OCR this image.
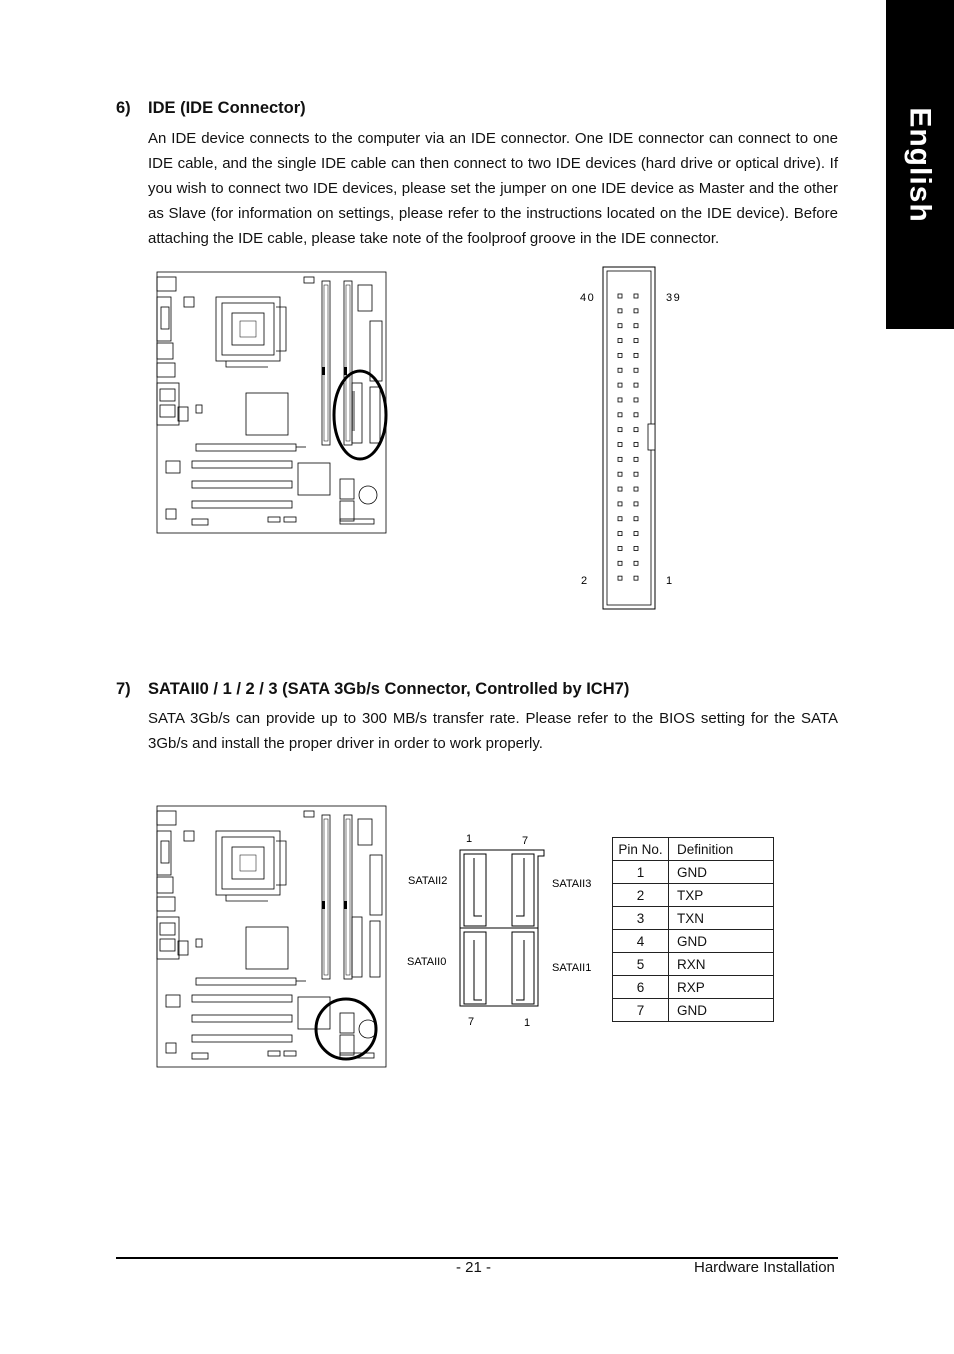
English
6) IDE (IDE Connector)
An IDE device connects to the computer via an IDE connector. One IDE connector can connect to one IDE cable, and the single IDE cable can then connect to two IDE devices (hard drive or optical drive). If you wish to connect two IDE devices, please set the jumper on one IDE device as Master and the other as Slave (for information on settings, please refer to the instructions located on the IDE device). Before attaching the IDE cable, please take note of the foolproof groove in the IDE connector.
40	39
2	1
7) SATAII0 / 1 / 2 / 3 (SATA 3Gb/s Connector, Controlled by ICH7)
SATA 3Gb/s can provide up to 300 MB/s transfer rate. Please refer to the BIOS setting for the SATA 3Gb/s and install the proper driver in order to work properly.
1	7
SATAII2	SATAII3
SATAII0	SATAII1
7	1
Pin No.	Definition
1	GND
2	TXP
3	TXN
4	GND
5	RXN
6	RXP
7	GND
- 21 -	Hardware Installation
